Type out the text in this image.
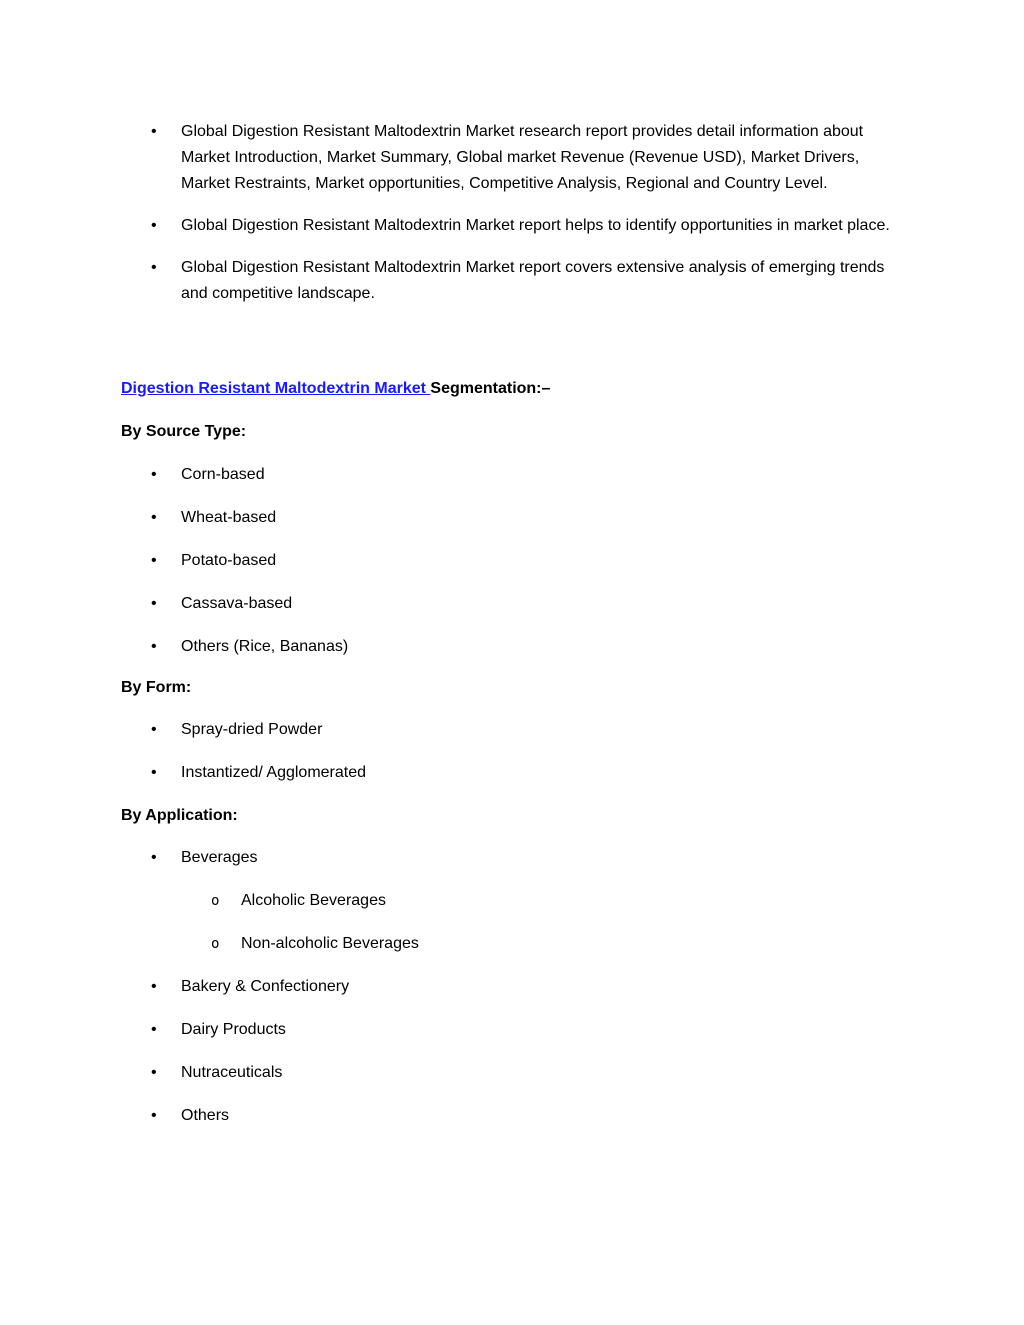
• Global Digestion Resistant Maltodextrin Market research report provides detail information about Market Introduction, Market Summary, Global market Revenue (Revenue USD), Market Drivers, Market Restraints, Market opportunities, Competitive Analysis, Regional and Country Level.
• Global Digestion Resistant Maltodextrin Market report helps to identify opportunities in market place.
• Global Digestion Resistant Maltodextrin Market report covers extensive analysis of emerging trends and competitive landscape.
Digestion Resistant Maltodextrin Market Segmentation:–
By Source Type:
• Corn-based
• Wheat-based
• Potato-based
• Cassava-based
• Others (Rice, Bananas)
By Form:
• Spray-dried Powder
• Instantized/ Agglomerated
By Application:
• Beverages
o Alcoholic Beverages
o Non-alcoholic Beverages
• Bakery & Confectionery
• Dairy Products
• Nutraceuticals
• Others
